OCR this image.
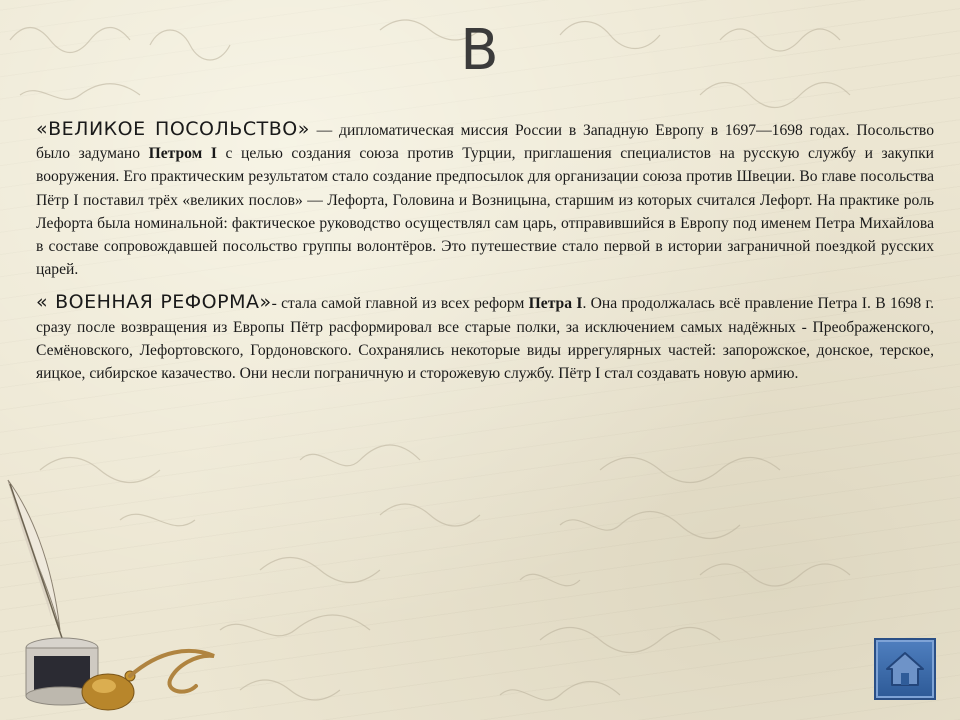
В

«ВЕЛИКОЕ ПОСОЛЬСТВО» — дипломатическая миссия России в Западную Европу в 1697—1698 годах. Посольство было задумано Петром I с целью создания союза против Турции, приглашения специалистов на русскую службу и закупки вооружения. Его практическим результатом стало создание предпосылок для организации союза против Швеции. Во главе посольства Пётр I поставил трёх «великих послов» — Лефорта, Головина и Возницына, старшим из которых считался Лефорт. На практике роль Лефорта была номинальной: фактическое руководство осуществлял сам царь, отправившийся в Европу под именем Петра Михайлова в составе сопровождавшей посольство группы волонтёров. Это путешествие стало первой в истории заграничной поездкой русских царей.

« ВОЕННАЯ РЕФОРМА»- стала самой главной из всех реформ Петра I. Она продолжалась всё правление Петра I. В 1698 г. сразу после возвращения из Европы Пётр расформировал все старые полки, за исключением самых надёжных - Преображенского, Семёновского, Лефортовского, Гордоновского. Сохранялись некоторые виды иррегулярных частей: запорожское, донское, терское, яицкое, сибирское казачество. Они несли пограничную и сторожевую службу. Пётр I стал создавать новую армию.
